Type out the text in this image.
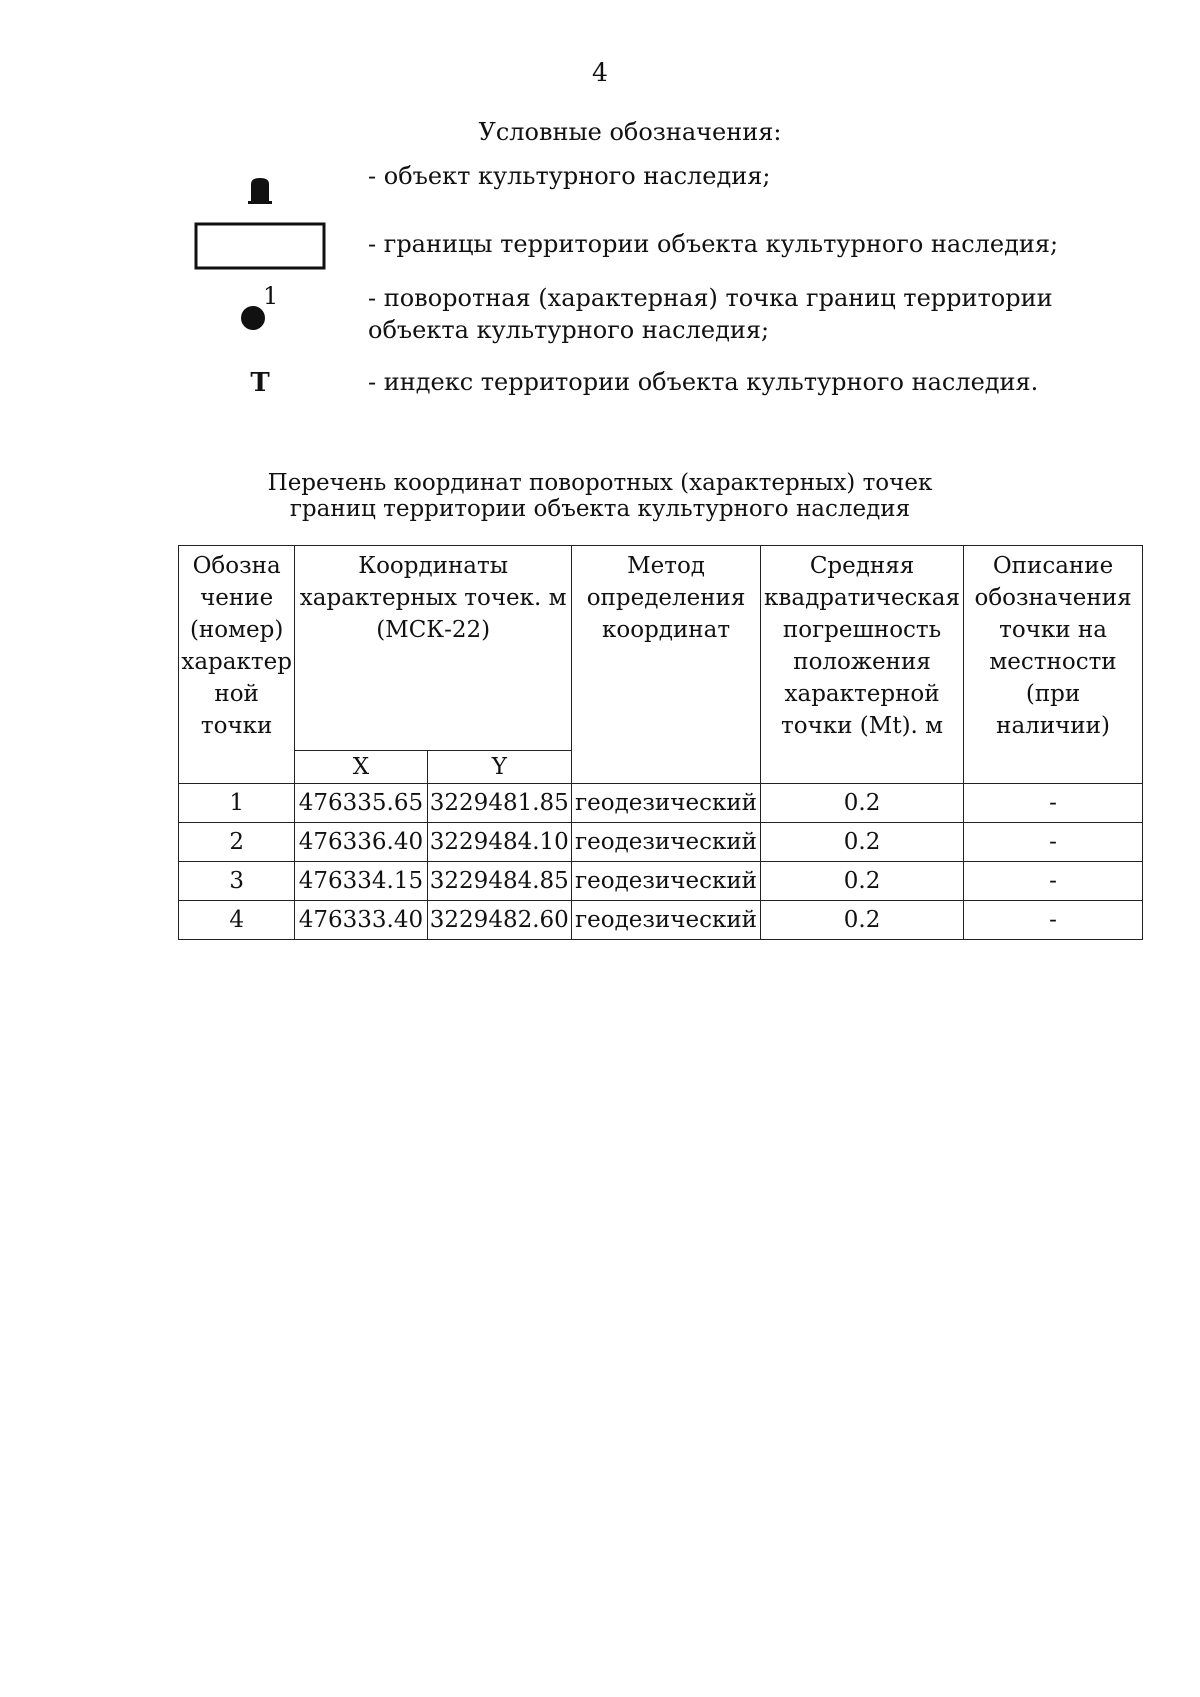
4
Условные обозначения:
- объект культурного наследия;
- границы территории объекта культурного наследия;
1	- поворотная (характерная) точка границ территории объекта культурного наследия;
Т	- индекс территории объекта культурного наследия.
Перечень координат поворотных (характерных) точек
границ территории объекта культурного наследия
Обозна чение (номер) характер ной точки	Координаты характерных точек. м (МСК-22)		Метод определения координат	Средняя квадратическая погрешность положения характерной точки (Mt). м	Описание обозначения точки на местности (при наличии)
	X	Y			
1	476335.65	3229481.85	геодезический	0.2	-
2	476336.40	3229484.10	геодезический	0.2	-
3	476334.15	3229484.85	геодезический	0.2	-
4	476333.40	3229482.60	геодезический	0.2	-
